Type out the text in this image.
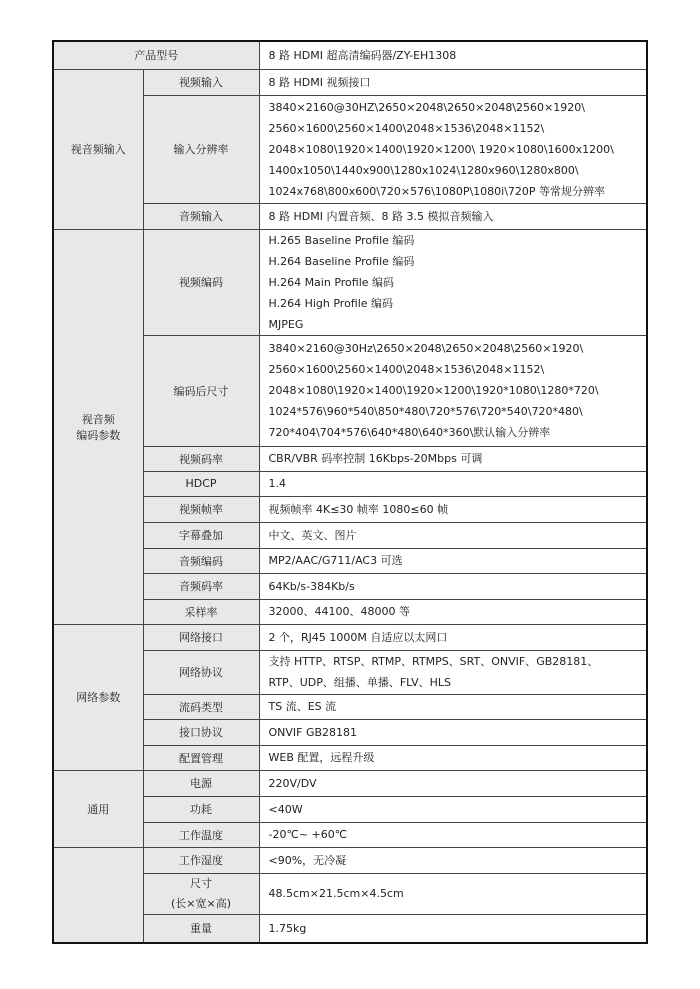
产品型号		8 路 HDMI 超高清编码器/ZY-EH1308
视音频输入	视频输入	8 路 HDMI 视频接口
	输入分辨率	3840×2160@30HZ\2650×2048\2650×2048\2560×1920\
2560×1600\2560×1400\2048×1536\2048×1152\
2048×1080\1920×1400\1920×1200\ 1920×1080\1600x1200\
1400x1050\1440x900\1280x1024\1280x960\1280x800\
1024x768\800x600\720×576\1080P\1080i\720P 等常规分辨率

	音频输入	8 路 HDMI 内置音频、8 路 3.5 模拟音频输入

视音频
编码参数	视频编码	H.265 Baseline Profile 编码
H.264 Baseline Profile 编码
H.264 Main Profile 编码
H.264 High Profile 编码
MJPEG

	编码后尺寸	3840×2160@30Hz\2650×2048\2650×2048\2560×1920\
2560×1600\2560×1400\2048×1536\2048×1152\
2048×1080\1920×1400\1920×1200\1920*1080\1280*720\
1024*576\960*540\850*480\720*576\720*540\720*480\
720*404\704*576\640*480\640*360\默认输入分辨率

	视频码率	CBR/VBR 码率控制 16Kbps-20Mbps 可调
	HDCP	1.4
	视频帧率	视频帧率 4K≤30 帧率 1080≤60 帧
	字幕叠加	中文、英文、图片
	音频编码	MP2/AAC/G711/AC3 可选
	音频码率	64Kb/s-384Kb/s
	采样率	32000、44100、48000 等
网络参数	网络接口	2 个，RJ45 1000M 自适应以太网口
	网络协议	支持 HTTP、RTSP、RTMP、RTMPS、SRT、ONVIF、GB28181、
RTP、UDP、组播、单播、FLV、HLS

	流码类型	TS 流、ES 流
	接口协议	ONVIF GB28181
	配置管理	WEB 配置，远程升级
通用	电源	220V/DV
	功耗	<40W
	工作温度	-20℃~ +60℃
	工作湿度	<90%，无冷凝

	尺寸
(长×宽×高)	48.5cm×21.5cm×4.5cm
	重量	1.75kg
